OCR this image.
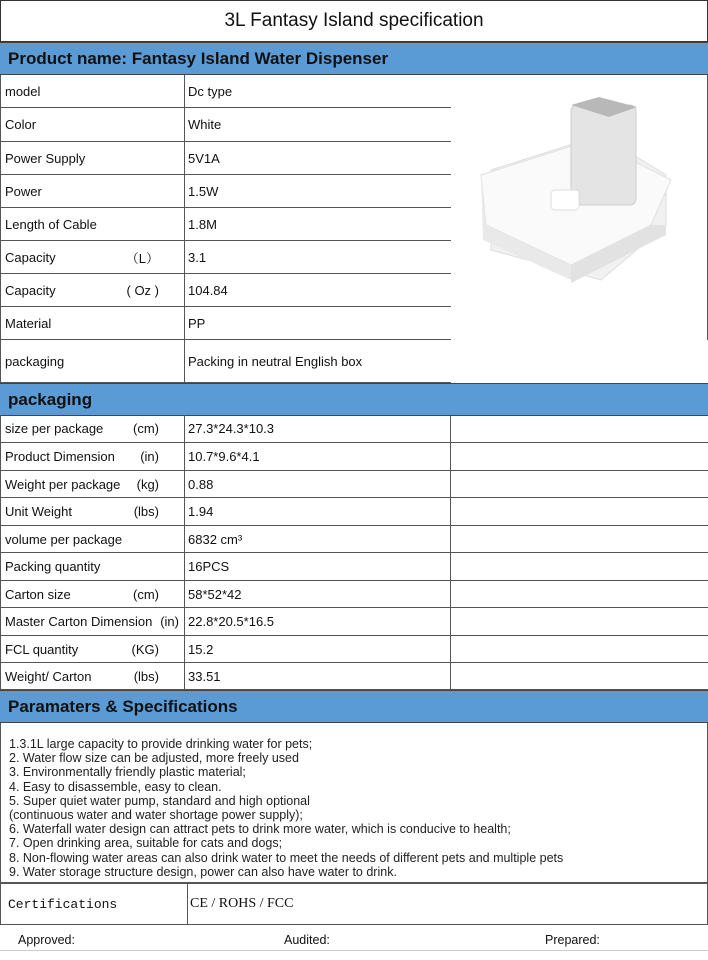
3L Fantasy Island specification
Product name: Fantasy Island Water Dispenser
model	Dc type
Color	White
Power Supply	5V1A
Power	1.5W
Length of Cable	1.8M
Capacity	（L） 3.1
Capacity	( Oz ) 104.84
Material	PP
packaging	Packing in neutral English box
packaging
size per package	(cm) 27.3*24.3*10.3
Product Dimension	(in) 10.7*9.6*4.1
Weight per package	(kg) 0.88
Unit Weight	(lbs) 1.94
volume per package	6832 cm³
Packing quantity	16PCS
Carton size	(cm) 58*52*42
Master Carton Dimension (in) 22.8*20.5*16.5
FCL quantity	(KG) 15.2
Weight/ Carton	(lbs) 33.51
Paramaters & Specifications
1.3.1L large capacity to provide drinking water for pets;
2. Water flow size can be adjusted, more freely used
3. Environmentally friendly plastic material;
4. Easy to disassemble, easy to clean.
5. Super quiet water pump, standard and high optional
(continuous water and water shortage power supply);
6. Waterfall water design can attract pets to drink more water, which is conducive to health;
7. Open drinking area, suitable for cats and dogs;
8. Non-flowing water areas can also drink water to meet the needs of different pets and multiple pets
9. Water storage structure design, power can also have water to drink.
Certifications	CE / ROHS / FCC
Approved:	Audited:	Prepared:
